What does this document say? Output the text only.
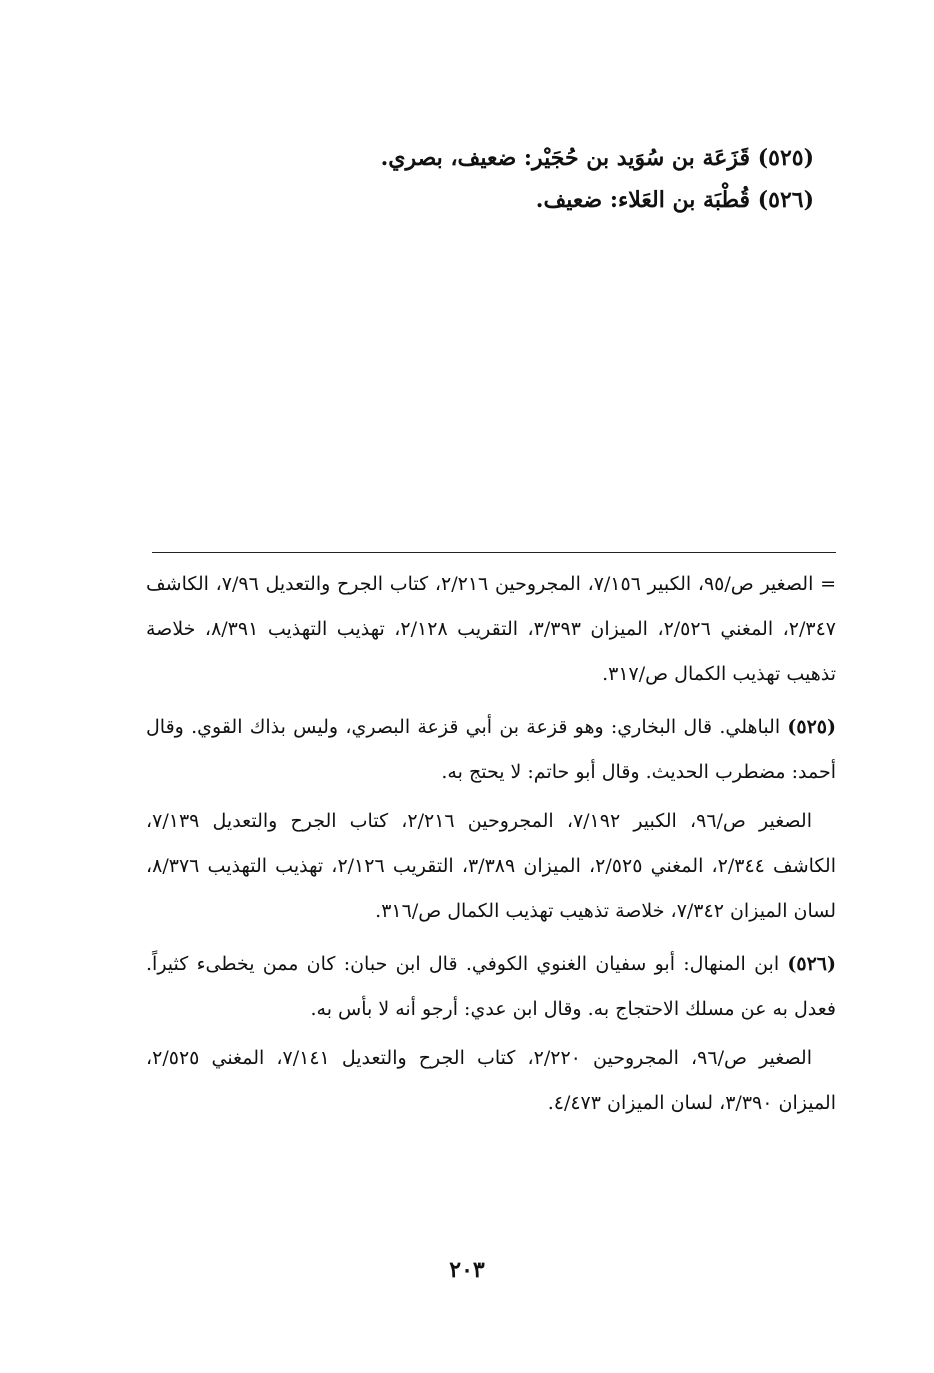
(٥٢٥) قَزَعَة بن سُوَيد بن حُجَيْر: ضعيف، بصري.
(٥٢٦) قُطْبَة بن العَلاء: ضعيف.

= الصغير ص/٩٥، الكبير ٧/١٥٦، المجروحين ٢/٢١٦، كتاب الجرح والتعديل ٧/٩٦، الكاشف ٢/٣٤٧، المغني ٢/٥٢٦، الميزان ٣/٣٩٣، التقريب ٢/١٢٨، تهذيب التهذيب ٨/٣٩١، خلاصة تذهيب تهذيب الكمال ص/٣١٧.

(٥٢٥) الباهلي. قال البخاري: وهو قزعة بن أبي قزعة البصري، وليس بذاك القوي. وقال أحمد: مضطرب الحديث. وقال أبو حاتم: لا يحتج به.

الصغير ص/٩٦، الكبير ٧/١٩٢، المجروحين ٢/٢١٦، كتاب الجرح والتعديل ٧/١٣٩، الكاشف ٢/٣٤٤، المغني ٢/٥٢٥، الميزان ٣/٣٨٩، التقريب ٢/١٢٦، تهذيب التهذيب ٨/٣٧٦، لسان الميزان ٧/٣٤٢، خلاصة تذهيب تهذيب الكمال ص/٣١٦.

(٥٢٦) ابن المنهال: أبو سفيان الغنوي الكوفي. قال ابن حبان: كان ممن يخطىء كثيراً. فعدل به عن مسلك الاحتجاج به. وقال ابن عدي: أرجو أنه لا بأس به.

الصغير ص/٩٦، المجروحين ٢/٢٢٠، كتاب الجرح والتعديل ٧/١٤١، المغني ٢/٥٢٥، الميزان ٣/٣٩٠، لسان الميزان ٤/٤٧٣.

٢٠٣
